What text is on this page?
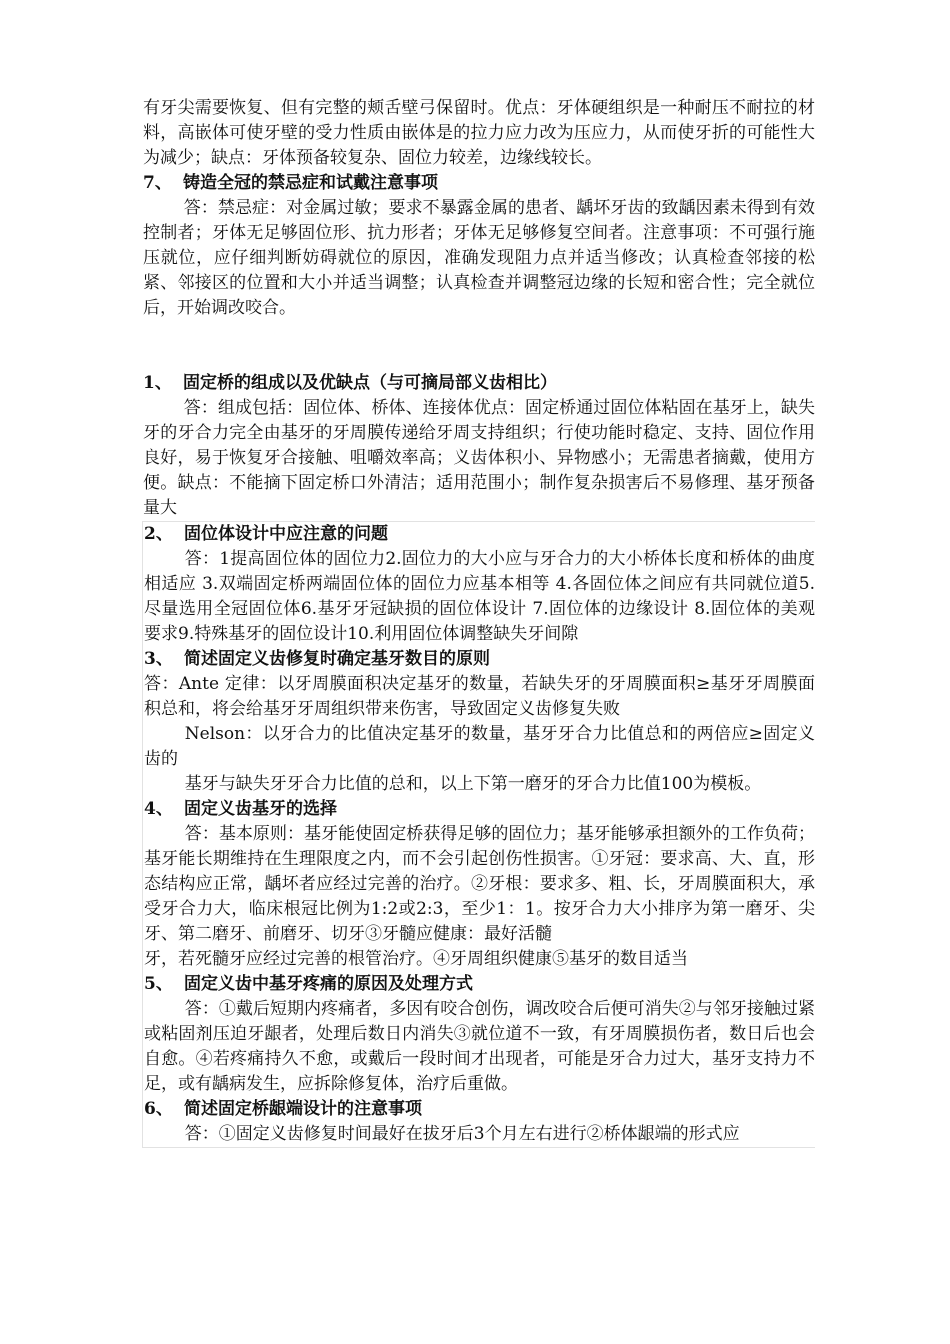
有牙尖需要恢复、但有完整的颊舌壁弓保留时。优点：牙体硬组织是一种耐压不耐拉的材料，高嵌体可使牙壁的受力性质由嵌体是的拉力应力改为压应力，从而使牙折的可能性大为减少；缺点：牙体预备较复杂、固位力较差，边缘线较长。

7、 铸造全冠的禁忌症和试戴注意事项

答：禁忌症：对金属过敏；要求不暴露金属的患者、龋坏牙齿的致龋因素未得到有效控制者；牙体无足够固位形、抗力形者；牙体无足够修复空间者。注意事项：不可强行施压就位，应仔细判断妨碍就位的原因，准确发现阻力点并适当修改；认真检查邻接的松紧、邻接区的位置和大小并适当调整；认真检查并调整冠边缘的长短和密合性；完全就位后，开始调改咬合。

1、 固定桥的组成以及优缺点（与可摘局部义齿相比）

答：组成包括：固位体、桥体、连接体优点：固定桥通过固位体粘固在基牙上，缺失牙的牙合力完全由基牙的牙周膜传递给牙周支持组织；行使功能时稳定、支持、固位作用良好，易于恢复牙合接触、咀嚼效率高；义齿体积小、异物感小；无需患者摘戴，使用方便。缺点：不能摘下固定桥口外清洁；适用范围小；制作复杂损害后不易修理、基牙预备量大

2、 固位体设计中应注意的问题

答：1提高固位体的固位力2.固位力的大小应与牙合力的大小桥体长度和桥体的曲度相适应 3.双端固定桥两端固位体的固位力应基本相等 4.各固位体之间应有共同就位道5.尽量选用全冠固位体6.基牙牙冠缺损的固位体设计 7.固位体的边缘设计 8.固位体的美观要求9.特殊基牙的固位设计10.利用固位体调整缺失牙间隙

3、 简述固定义齿修复时确定基牙数目的原则

答：Ante 定律：以牙周膜面积决定基牙的数量，若缺失牙的牙周膜面积≥基牙牙周膜面积总和，将会给基牙牙周组织带来伤害，导致固定义齿修复失败

Nelson：以牙合力的比值决定基牙的数量，基牙牙合力比值总和的两倍应≥固定义齿的

基牙与缺失牙牙合力比值的总和，以上下第一磨牙的牙合力比值100为模板。

4、 固定义齿基牙的选择

答：基本原则：基牙能使固定桥获得足够的固位力；基牙能够承担额外的工作负荷；基牙能长期维持在生理限度之内，而不会引起创伤性损害。①牙冠：要求高、大、直，形态结构应正常，龋坏者应经过完善的治疗。②牙根：要求多、粗、长，牙周膜面积大，承受牙合力大，临床根冠比例为1:2或2:3，至少1：1。按牙合力大小排序为第一磨牙、尖牙、第二磨牙、前磨牙、切牙③牙髓应健康：最好活髓

牙，若死髓牙应经过完善的根管治疗。④牙周组织健康⑤基牙的数目适当

5、 固定义齿中基牙疼痛的原因及处理方式

答：①戴后短期内疼痛者，多因有咬合创伤，调改咬合后便可消失②与邻牙接触过紧或粘固剂压迫牙龈者，处理后数日内消失③就位道不一致，有牙周膜损伤者，数日后也会自愈。④若疼痛持久不愈，或戴后一段时间才出现者，可能是牙合力过大，基牙支持力不足，或有龋病发生，应拆除修复体，治疗后重做。

6、 简述固定桥龈端设计的注意事项

答：①固定义齿修复时间最好在拔牙后3个月左右进行②桥体龈端的形式应
